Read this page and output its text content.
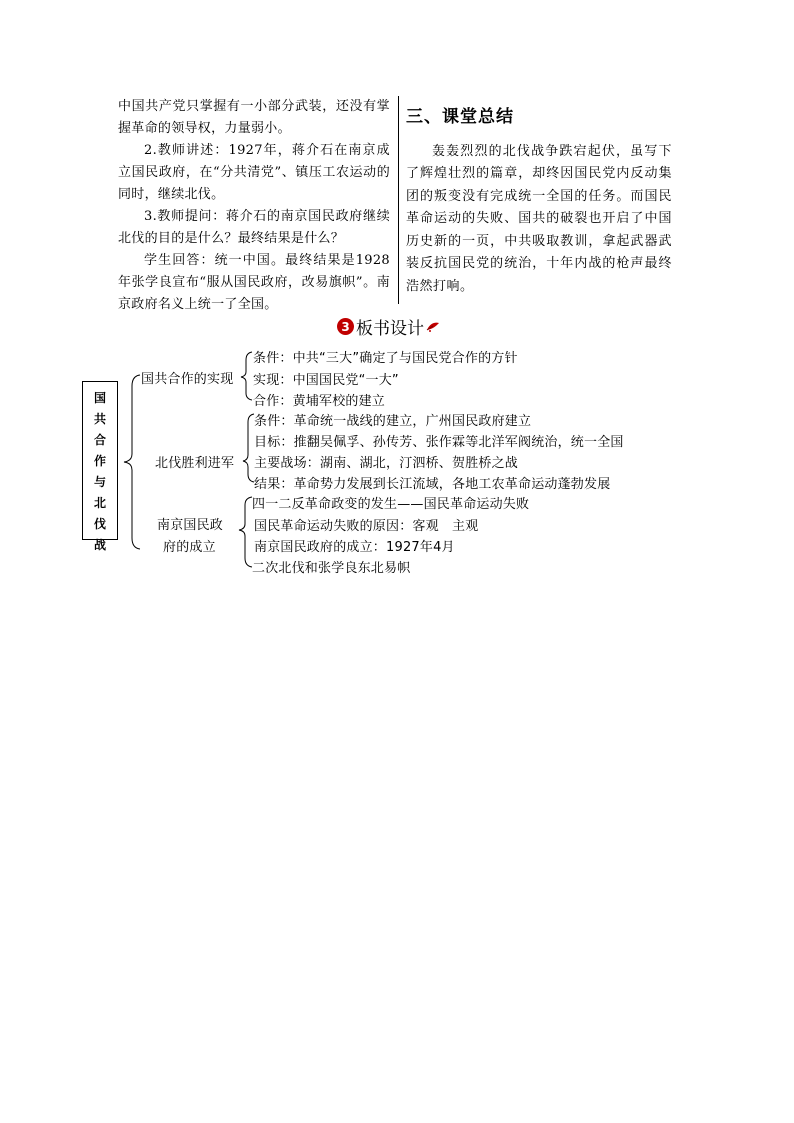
中国共产党只掌握有一小部分武装，还没有掌握革命的领导权，力量弱小。

2.教师讲述：1927年，蒋介石在南京成立国民政府，在“分共清党”、镇压工农运动的同时，继续北伐。

3.教师提问：蒋介石的南京国民政府继续北伐的目的是什么？最终结果是什么？

学生回答：统一中国。最终结果是1928年张学良宣布“服从国民政府，改易旗帜”。南京政府名义上统一了全国。

三、课堂总结

轰轰烈烈的北伐战争跌宕起伏，虽写下了辉煌壮烈的篇章，却终因国民党内反动集团的叛变没有完成统一全国的任务。而国民革命运动的失败、国共的破裂也开启了中国历史新的一页，中共吸取教训，拿起武器武装反抗国民党的统治，十年内战的枪声最终浩然打响。

3 板书设计
国
共
合
作
与
北
伐
战
国共合作的实现
条件：中共“三大”确定了与国民党合作的方针
实现：中国国民党“一大”
合作：黄埔军校的建立
北伐胜利进军
条件：革命统一战线的建立，广州国民政府建立
目标：推翻吴佩孚、孙传芳、张作霖等北洋军阀统治，统一全国
主要战场：湖南、湖北，汀泗桥、贺胜桥之战
结果：革命势力发展到长江流域，各地工农革命运动蓬勃发展
南京国民政
府的成立
四一二反革命政变的发生——国民革命运动失败
国民革命运动失败的原因：客观　主观
南京国民政府的成立：1927年4月
二次北伐和张学良东北易帜
